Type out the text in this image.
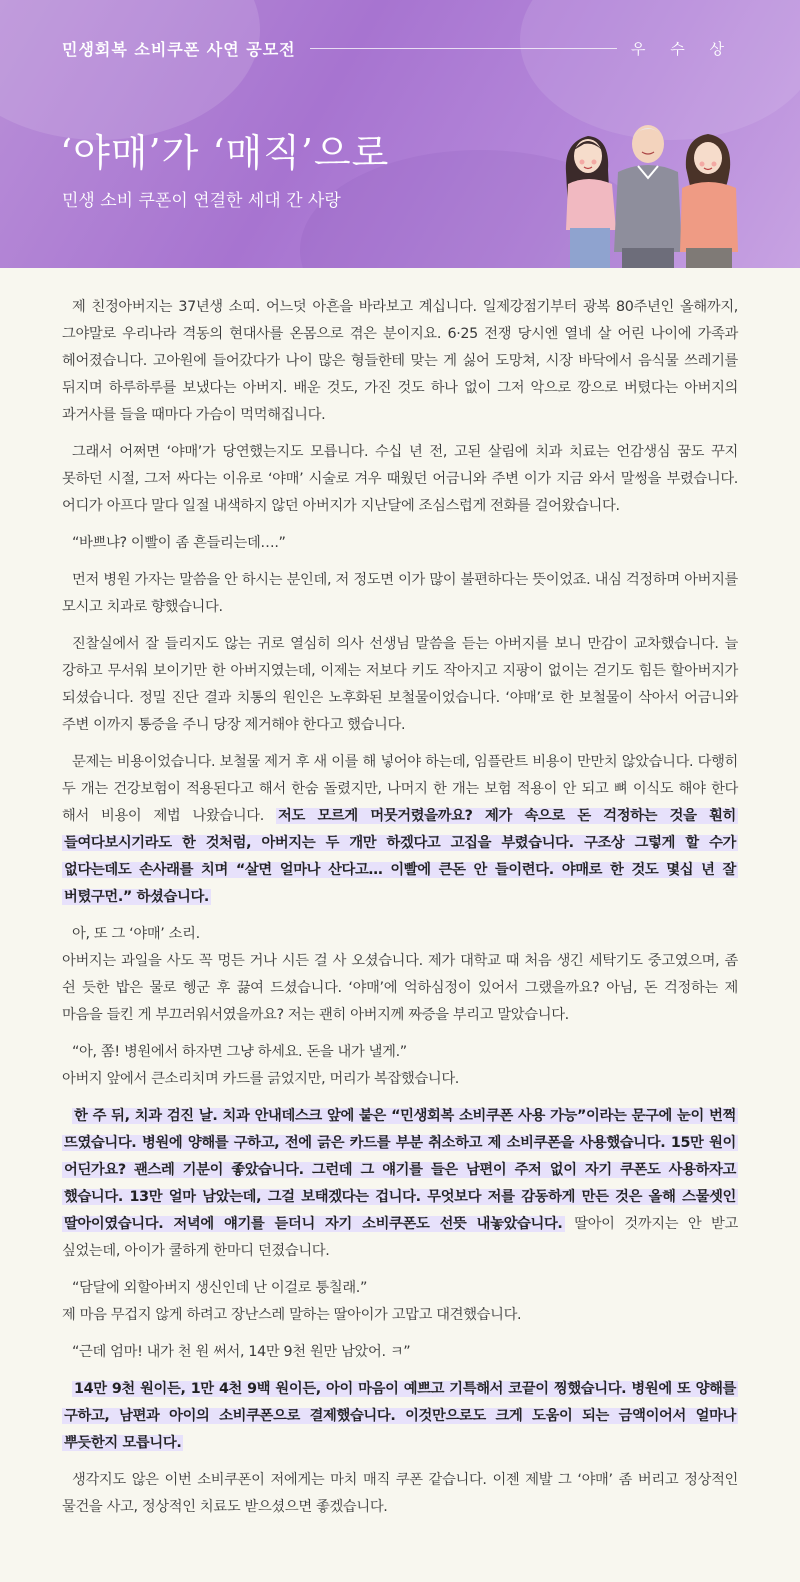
민생회복 소비쿠폰 사연 공모전	우 수 상
‘야매’가 ‘매직’으로
민생 소비 쿠폰이 연결한 세대 간 사랑

제 친정아버지는 37년생 소띠. 어느덧 아흔을 바라보고 계십니다. 일제강점기부터 광복 80주년인 올해까지, 그야말로 우리나라 격동의 현대사를 온몸으로 겪은 분이지요. 6·25 전쟁 당시엔 열네 살 어린 나이에 가족과 헤어졌습니다. 고아원에 들어갔다가 나이 많은 형들한테 맞는 게 싫어 도망쳐, 시장 바닥에서 음식물 쓰레기를 뒤지며 하루하루를 보냈다는 아버지. 배운 것도, 가진 것도 하나 없이 그저 악으로 깡으로 버텼다는 아버지의 과거사를 들을 때마다 가슴이 먹먹해집니다.

그래서 어쩌면 ‘야매’가 당연했는지도 모릅니다. 수십 년 전, 고된 살림에 치과 치료는 언감생심 꿈도 꾸지 못하던 시절, 그저 싸다는 이유로 ‘야매’ 시술로 겨우 때웠던 어금니와 주변 이가 지금 와서 말썽을 부렸습니다. 어디가 아프다 말다 일절 내색하지 않던 아버지가 지난달에 조심스럽게 전화를 걸어왔습니다.

“바쁘냐? 이빨이 좀 흔들리는데….”

먼저 병원 가자는 말씀을 안 하시는 분인데, 저 정도면 이가 많이 불편하다는 뜻이었죠. 내심 걱정하며 아버지를 모시고 치과로 향했습니다.

진찰실에서 잘 들리지도 않는 귀로 열심히 의사 선생님 말씀을 듣는 아버지를 보니 만감이 교차했습니다. 늘 강하고 무서워 보이기만 한 아버지였는데, 이제는 저보다 키도 작아지고 지팡이 없이는 걷기도 힘든 할아버지가 되셨습니다. 정밀 진단 결과 치통의 원인은 노후화된 보철물이었습니다. ‘야매’로 한 보철물이 삭아서 어금니와 주변 이까지 통증을 주니 당장 제거해야 한다고 했습니다.

문제는 비용이었습니다. 보철물 제거 후 새 이를 해 넣어야 하는데, 임플란트 비용이 만만치 않았습니다. 다행히 두 개는 건강보험이 적용된다고 해서 한숨 돌렸지만, 나머지 한 개는 보험 적용이 안 되고 뼈 이식도 해야 한다 해서 비용이 제법 나왔습니다. 저도 모르게 머뭇거렸을까요? 제가 속으로 돈 걱정하는 것을 훤히 들여다보시기라도 한 것처럼, 아버지는 두 개만 하겠다고 고집을 부렸습니다. 구조상 그렇게 할 수가 없다는데도 손사래를 치며 “살면 얼마나 산다고… 이빨에 큰돈 안 들이련다. 야매로 한 것도 몇십 년 잘 버텼구먼.” 하셨습니다.

아, 또 그 ‘야매’ 소리.
아버지는 과일을 사도 꼭 멍든 거나 시든 걸 사 오셨습니다. 제가 대학교 때 처음 생긴 세탁기도 중고였으며, 좀 쉰 듯한 밥은 물로 헹군 후 끓여 드셨습니다. ‘야매’에 억하심정이 있어서 그랬을까요? 아님, 돈 걱정하는 제 마음을 들킨 게 부끄러워서였을까요? 저는 괜히 아버지께 짜증을 부리고 말았습니다.

“아, 쫌! 병원에서 하자면 그냥 하세요. 돈을 내가 낼게.”
아버지 앞에서 큰소리치며 카드를 긁었지만, 머리가 복잡했습니다.

한 주 뒤, 치과 검진 날. 치과 안내데스크 앞에 붙은 “민생회복 소비쿠폰 사용 가능”이라는 문구에 눈이 번쩍 뜨였습니다. 병원에 양해를 구하고, 전에 긁은 카드를 부분 취소하고 제 소비쿠폰을 사용했습니다. 15만 원이 어딘가요? 괜스레 기분이 좋았습니다. 그런데 그 얘기를 들은 남편이 주저 없이 자기 쿠폰도 사용하자고 했습니다. 13만 얼마 남았는데, 그걸 보태겠다는 겁니다. 무엇보다 저를 감동하게 만든 것은 올해 스물셋인 딸아이였습니다. 저녁에 얘기를 듣더니 자기 소비쿠폰도 선뜻 내놓았습니다. 딸아이 것까지는 안 받고 싶었는데, 아이가 쿨하게 한마디 던졌습니다.

“담달에 외할아버지 생신인데 난 이걸로 퉁칠래.”
제 마음 무겁지 않게 하려고 장난스레 말하는 딸아이가 고맙고 대견했습니다.

“근데 엄마! 내가 천 원 써서, 14만 9천 원만 남았어. ㅋ”

14만 9천 원이든, 1만 4천 9백 원이든, 아이 마음이 예쁘고 기특해서 코끝이 찡했습니다. 병원에 또 양해를 구하고, 남편과 아이의 소비쿠폰으로 결제했습니다. 이것만으로도 크게 도움이 되는 금액이어서 얼마나 뿌듯한지 모릅니다.

생각지도 않은 이번 소비쿠폰이 저에게는 마치 매직 쿠폰 같습니다. 이젠 제발 그 ‘야매’ 좀 버리고 정상적인 물건을 사고, 정상적인 치료도 받으셨으면 좋겠습니다.
